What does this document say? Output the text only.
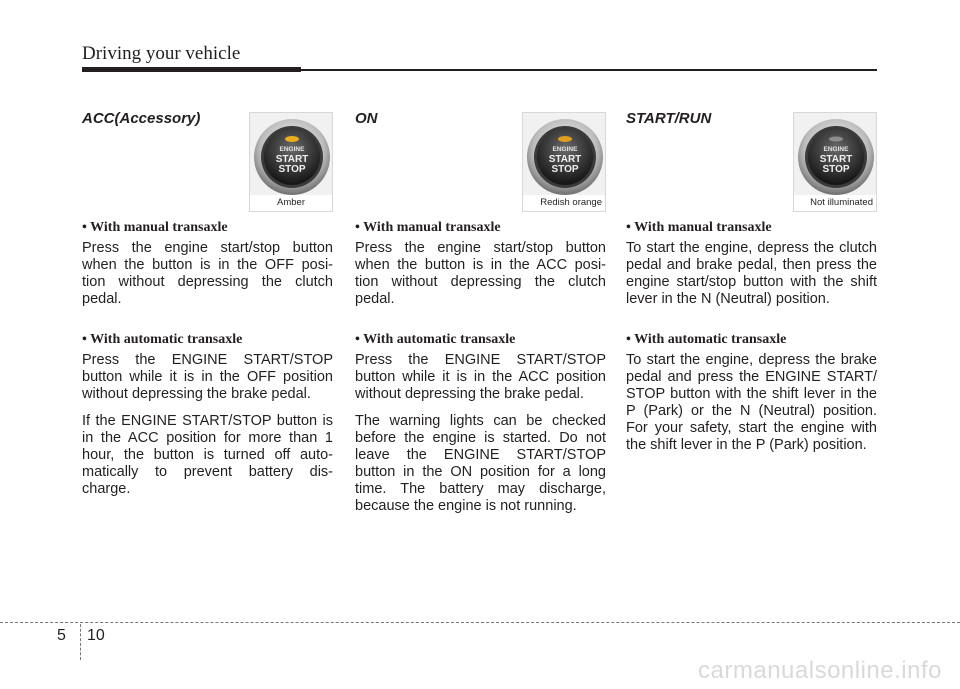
Driving your vehicle
ACC(Accessory)
ENGINE
START
STOP
Amber
• With manual transaxle

Press the engine start/stop button when the button is in the OFF posi- tion without depressing the clutch pedal.

• With automatic transaxle

Press the ENGINE START/STOP button while it is in the OFF position without depressing the brake pedal.

If the ENGINE START/STOP button is in the ACC position for more than 1 hour, the button is turned off auto- matically to prevent battery dis- charge.

ON
ENGINE
START
STOP
Redish orange
• With manual transaxle

Press the engine start/stop button when the button is in the ACC posi- tion without depressing the clutch pedal.

• With automatic transaxle

Press the ENGINE START/STOP button while it is in the ACC position without depressing the brake pedal.

The warning lights can be checked before the engine is started. Do not leave the ENGINE START/STOP button in the ON position for a long time. The battery may discharge, because the engine is not running.

START/RUN
ENGINE
START
STOP
Not illuminated
• With manual transaxle

To start the engine, depress the clutch pedal and brake pedal, then press the engine start/stop button with the shift lever in the N (Neutral) position.

• With automatic transaxle

To start the engine, depress the brake pedal and press the ENGINE START/ STOP button with the shift lever in the P (Park) or the N (Neutral) position. For your safety, start the engine with the shift lever in the P (Park) position.

5 10
carmanualsonline.info
